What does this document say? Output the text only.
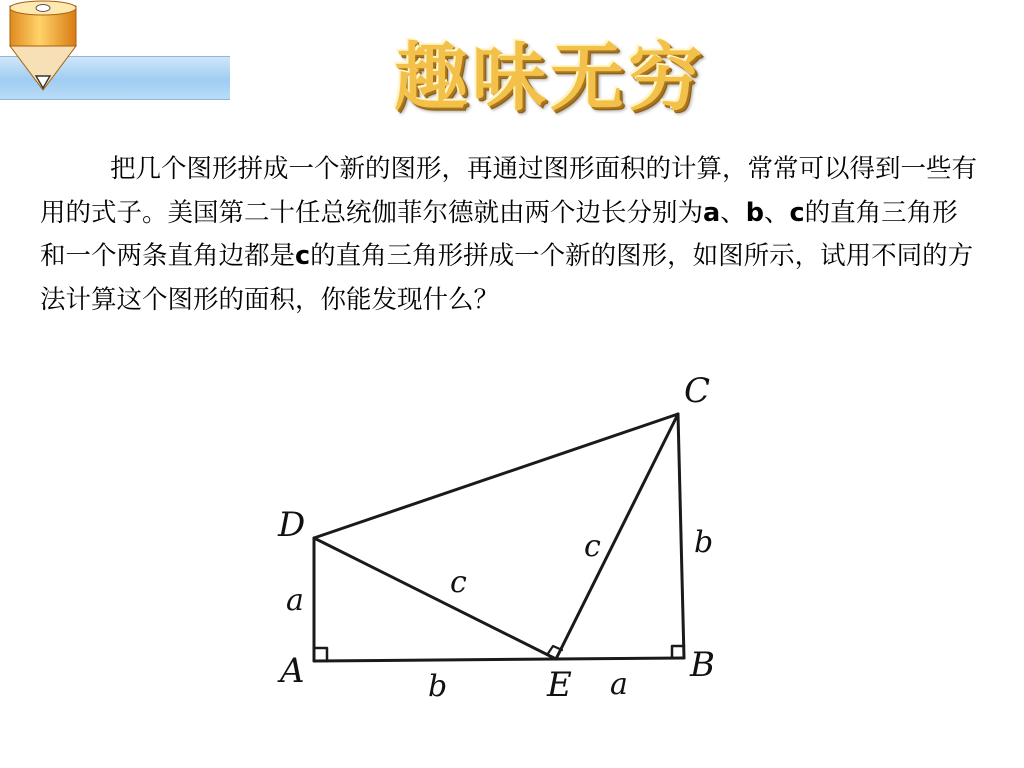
趣味无穷

把几个图形拼成一个新的图形，再通过图形面积的计算，常常可以得到一些有用的式子。美国第二十任总统伽菲尔德就由两个边长分别为a、b、c的直角三角形和一个两条直角边都是c的直角三角形拼成一个新的图形，如图所示，试用不同的方法计算这个图形的面积，你能发现什么？

C
D
A	E	B
a
b	a
b
c
c
